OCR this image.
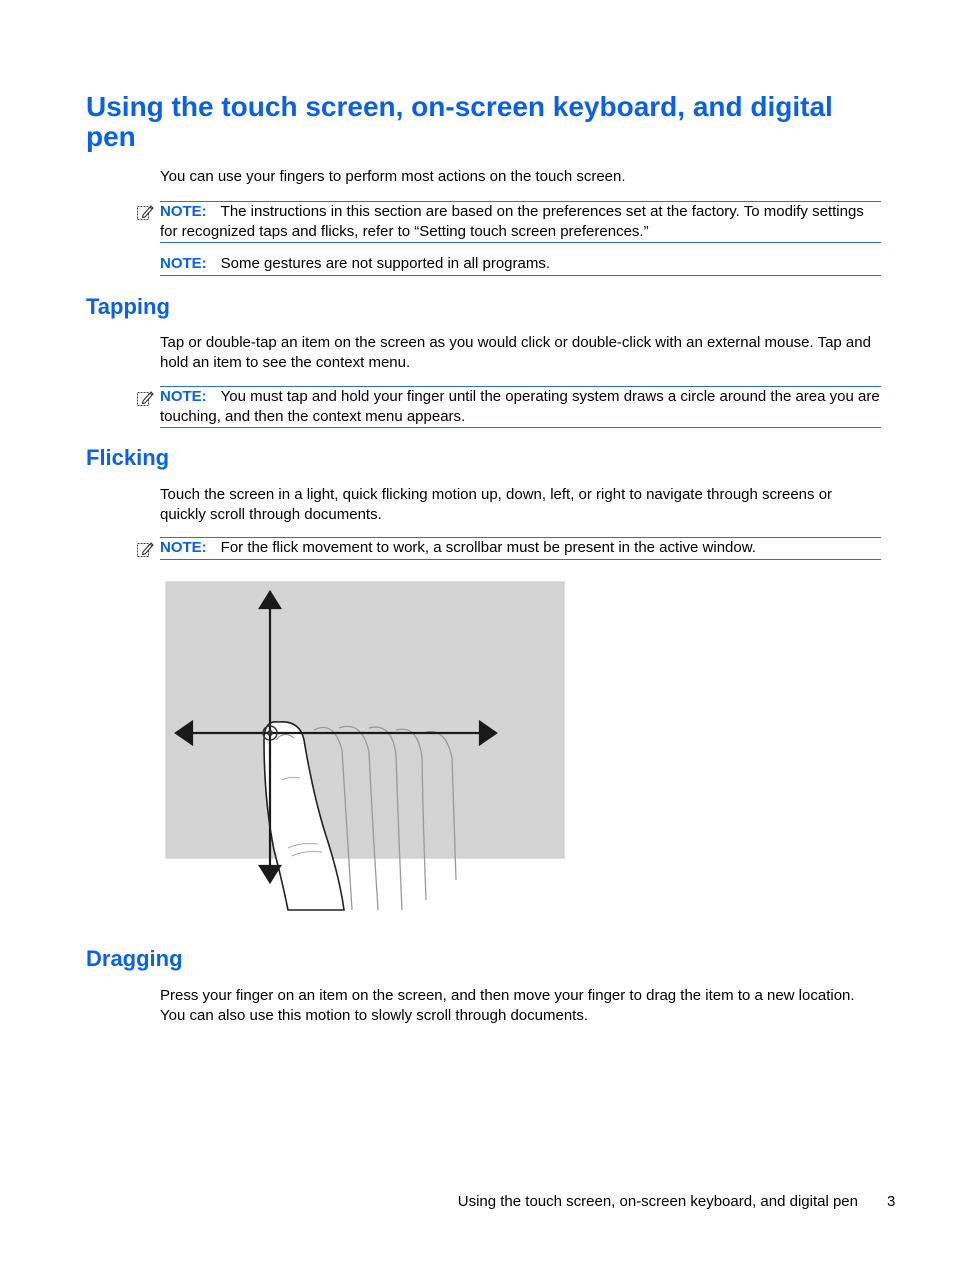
Using the touch screen, on-screen keyboard, and digital pen

You can use your fingers to perform most actions on the touch screen.

NOTE: The instructions in this section are based on the preferences set at the factory. To modify settings for recognized taps and flicks, refer to “Setting touch screen preferences.”
NOTE: Some gestures are not supported in all programs.
Tapping

Tap or double-tap an item on the screen as you would click or double-click with an external mouse. Tap and hold an item to see the context menu.

NOTE: You must tap and hold your finger until the operating system draws a circle around the area you are touching, and then the context menu appears.
Flicking

Touch the screen in a light, quick flicking motion up, down, left, or right to navigate through screens or quickly scroll through documents.

NOTE: For the flick movement to work, a scrollbar must be present in the active window.
Dragging

Press your finger on an item on the screen, and then move your finger to drag the item to a new location. You can also use this motion to slowly scroll through documents.

Using the touch screen, on-screen keyboard, and digital pen 3
